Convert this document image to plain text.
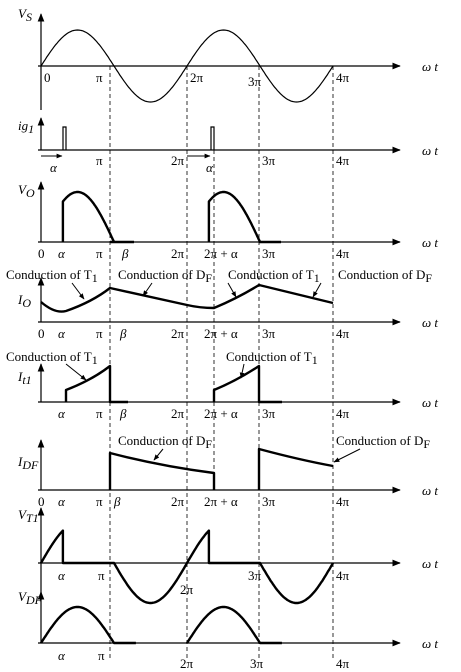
VS
ig1
VO
IO
It1
IDF
VT1
VDF
ω t
ω t
ω t
ω t
ω t
ω t
ω t
ω t
0	π	2π	3π	4π
α	π	2π α	3π	4π
0 α π β	2π 2π + α 3π	4π
0 α π β	2π 2π + α 3π	4π
α π β	2π 2π + α 3π	4π
0 α π β	2π 2π + α 3π	4π
α	π
2π
3π	4π
α	π
2π	3π	4π
Conduction of T1 Conduction of DF Conduction of T1 Conduction of DF
Conduction of T1	Conduction of T1
Conduction of DF	Conduction of DF
